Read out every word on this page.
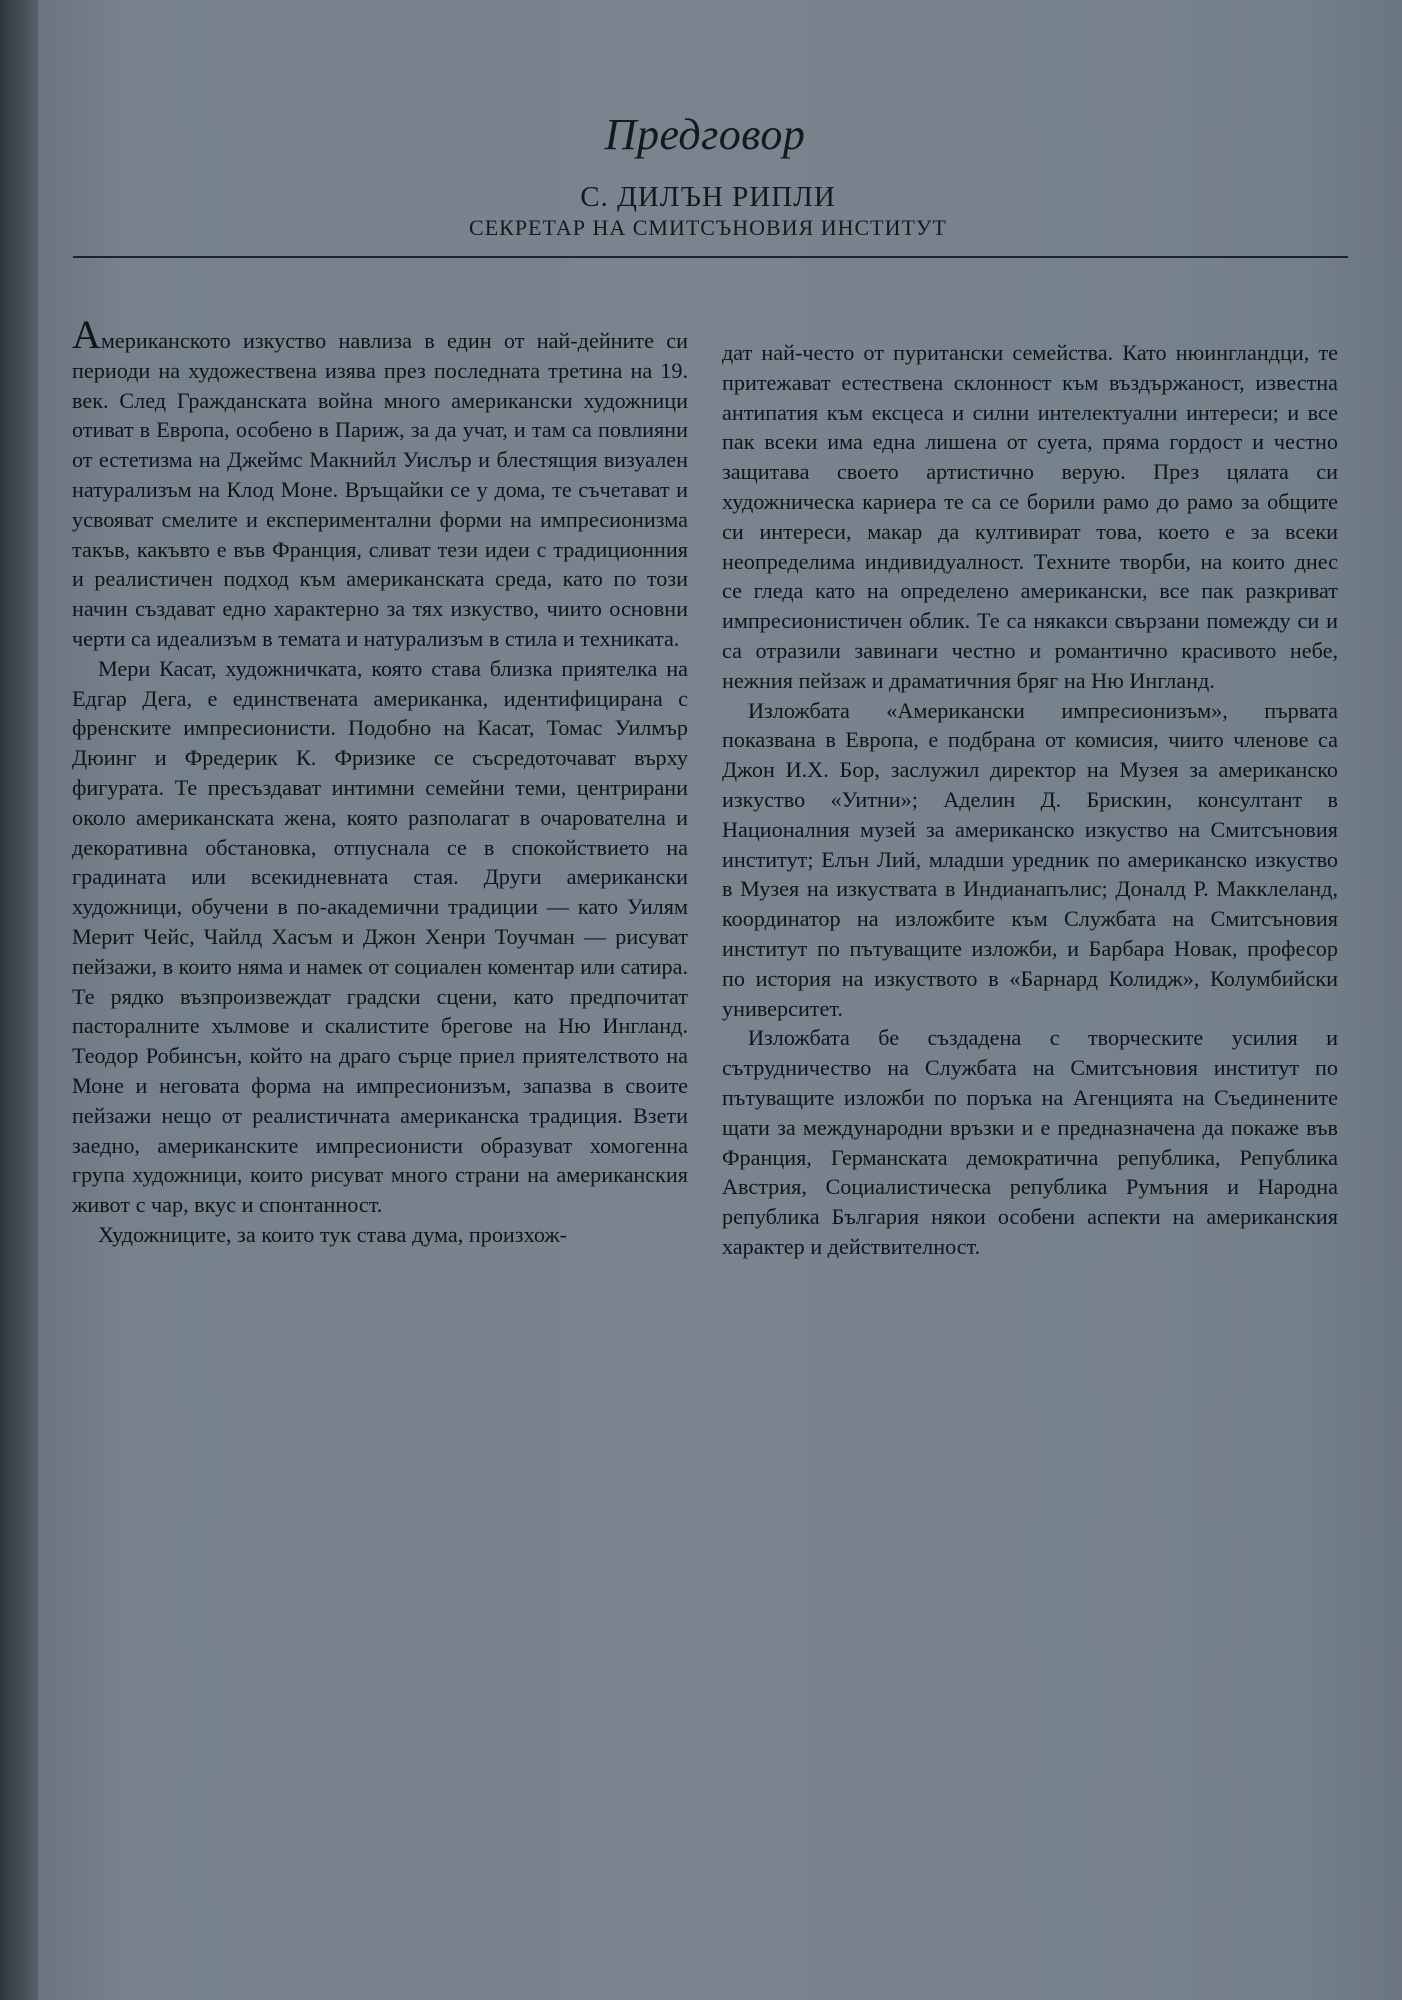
Предговор
С. ДИЛЪН РИПЛИ
СЕКРЕТАР НА СМИТСЪНОВИЯ ИНСТИТУТ

Американското изкуство навлиза в един от най-дейните си периоди на художествена изява през последната третина на 19. век. След Гражданската война много американски художници отиват в Европа, особено в Париж, за да учат, и там са повлияни от естетизма на Джеймс Макнийл Уислър и блестящия визуален натурализъм на Клод Моне. Връщайки се у дома, те съчетават и усвояват смелите и експериментални форми на импресионизма такъв, какъвто е във Франция, сливат тези идеи с традиционния и реалистичен подход към американската среда, като по този начин създават едно характерно за тях изкуство, чиито основни черти са идеализъм в темата и натурализъм в стила и техниката.

Мери Касат, художничката, която става близка приятелка на Едгар Дега, е единствената американка, идентифицирана с френските импресионисти. Подобно на Касат, Томас Уилмър Дюинг и Фредерик К. Фризике се съсредоточават върху фигурата. Те пресъздават интимни семейни теми, центрирани около американската жена, която разполагат в очарователна и декоративна обстановка, отпуснала се в спокойствието на градината или всекидневната стая. Други американски художници, обучени в по-академични традиции — като Уилям Мерит Чейс, Чайлд Хасъм и Джон Хенри Тоучман — рисуват пейзажи, в които няма и намек от социален коментар или сатира. Те рядко възпроизвеждат градски сцени, като предпочитат пасторалните хълмове и скалистите брегове на Ню Ингланд. Теодор Робинсън, който на драго сърце приел приятелството на Моне и неговата форма на импресионизъм, запазва в своите пейзажи нещо от реалистичната американска традиция. Взети заедно, американските импресионисти образуват хомогенна група художници, които рисуват много страни на американския живот с чар, вкус и спонтанност.

Художниците, за които тук става дума, произхож-

дат най-често от пуритански семейства. Като нюингландци, те притежават естествена склонност към въздържаност, известна антипатия към ексцеса и силни интелектуални интереси; и все пак всеки има една лишена от суета, пряма гордост и честно защитава своето артистично верую. През цялата си художническа кариера те са се борили рамо до рамо за общите си интереси, макар да култивират това, което е за всеки неопределима индивидуалност. Техните творби, на които днес се гледа като на определено американски, все пак разкриват импресионистичен облик. Те са някакси свързани помежду си и са отразили завинаги честно и романтично красивото небе, нежния пейзаж и драматичния бряг на Ню Ингланд.

Изложбата «Американски импресионизъм», първата показвана в Европа, е подбрана от комисия, чиито членове са Джон И.Х. Бор, заслужил директор на Музея за американско изкуство «Уитни»; Аделин Д. Брискин, консултант в Националния музей за американско изкуство на Смитсъновия институт; Елън Лий, младши уредник по американско изкуство в Музея на изкуствата в Индианапълис; Доналд Р. Макклеланд, координатор на изложбите към Службата на Смитсъновия институт по пътуващите изложби, и Барбара Новак, професор по история на изкуството в «Барнард Колидж», Колумбийски университет.

Изложбата бе създадена с творческите усилия и сътрудничество на Службата на Смитсъновия институт по пътуващите изложби по поръка на Агенцията на Съединените щати за международни връзки и е предназначена да покаже във Франция, Германската демократична република, Република Австрия, Социалистическа република Румъния и Народна република България някои особени аспекти на американския характер и действителност.
